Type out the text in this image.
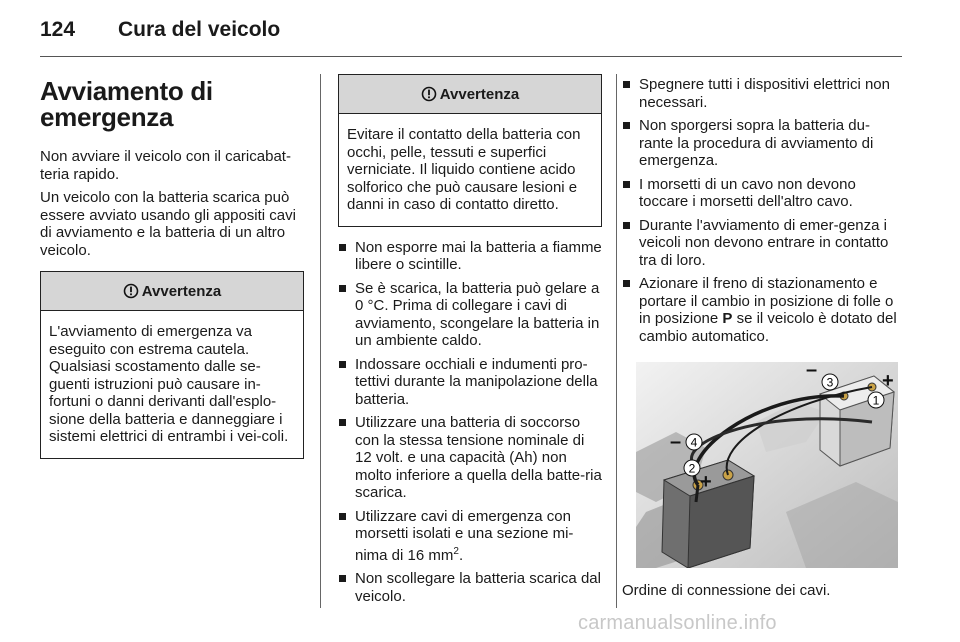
124 Cura del veicolo
Avviamento di
emergenza

Non avviare il veicolo con il caricabat-teria rapido.

Un veicolo con la batteria scarica può essere avviato usando gli appositi cavi di avviamento e la batteria di un altro veicolo.

Avvertenza
L'avviamento di emergenza va eseguito con estrema cautela. Qualsiasi scostamento dalle se-guenti istruzioni può causare in-fortuni o danni derivanti dall'esplo-sione della batteria e danneggiare i sistemi elettrici di entrambi i vei-coli.
Avvertenza
Evitare il contatto della batteria con occhi, pelle, tessuti e superfici verniciate. Il liquido contiene acido solforico che può causare lesioni e danni in caso di contatto diretto.
Non esporre mai la batteria a fiamme libere o scintille.
Se è scarica, la batteria può gelare a 0 °C. Prima di collegare i cavi di avviamento, scongelare la batteria in un ambiente caldo.
Indossare occhiali e indumenti pro-tettivi durante la manipolazione della batteria.
Utilizzare una batteria di soccorso con la stessa tensione nominale di 12 volt. e una capacità (Ah) non molto inferiore a quella della batte-ria scarica.
Utilizzare cavi di emergenza con morsetti isolati e una sezione mi-nima di 16 $mm^2$.
Non scollegare la batteria scarica dal veicolo.
Spegnere tutti i dispositivi elettrici non necessari.
Non sporgersi sopra la batteria du-rante la procedura di avviamento di emergenza.
I morsetti di un cavo non devono toccare i morsetti dell'altro cavo.
Durante l'avviamento di emer-genza i veicoli non devono entrare in contatto tra di loro.
Azionare il freno di stazionamento e portare il cambio in posizione di folle o in posizione P se il veicolo è dotato del cambio automatico.
1
2
3
4
+
–
+
–
Ordine di connessione dei cavi.
carmanualsonline.info
